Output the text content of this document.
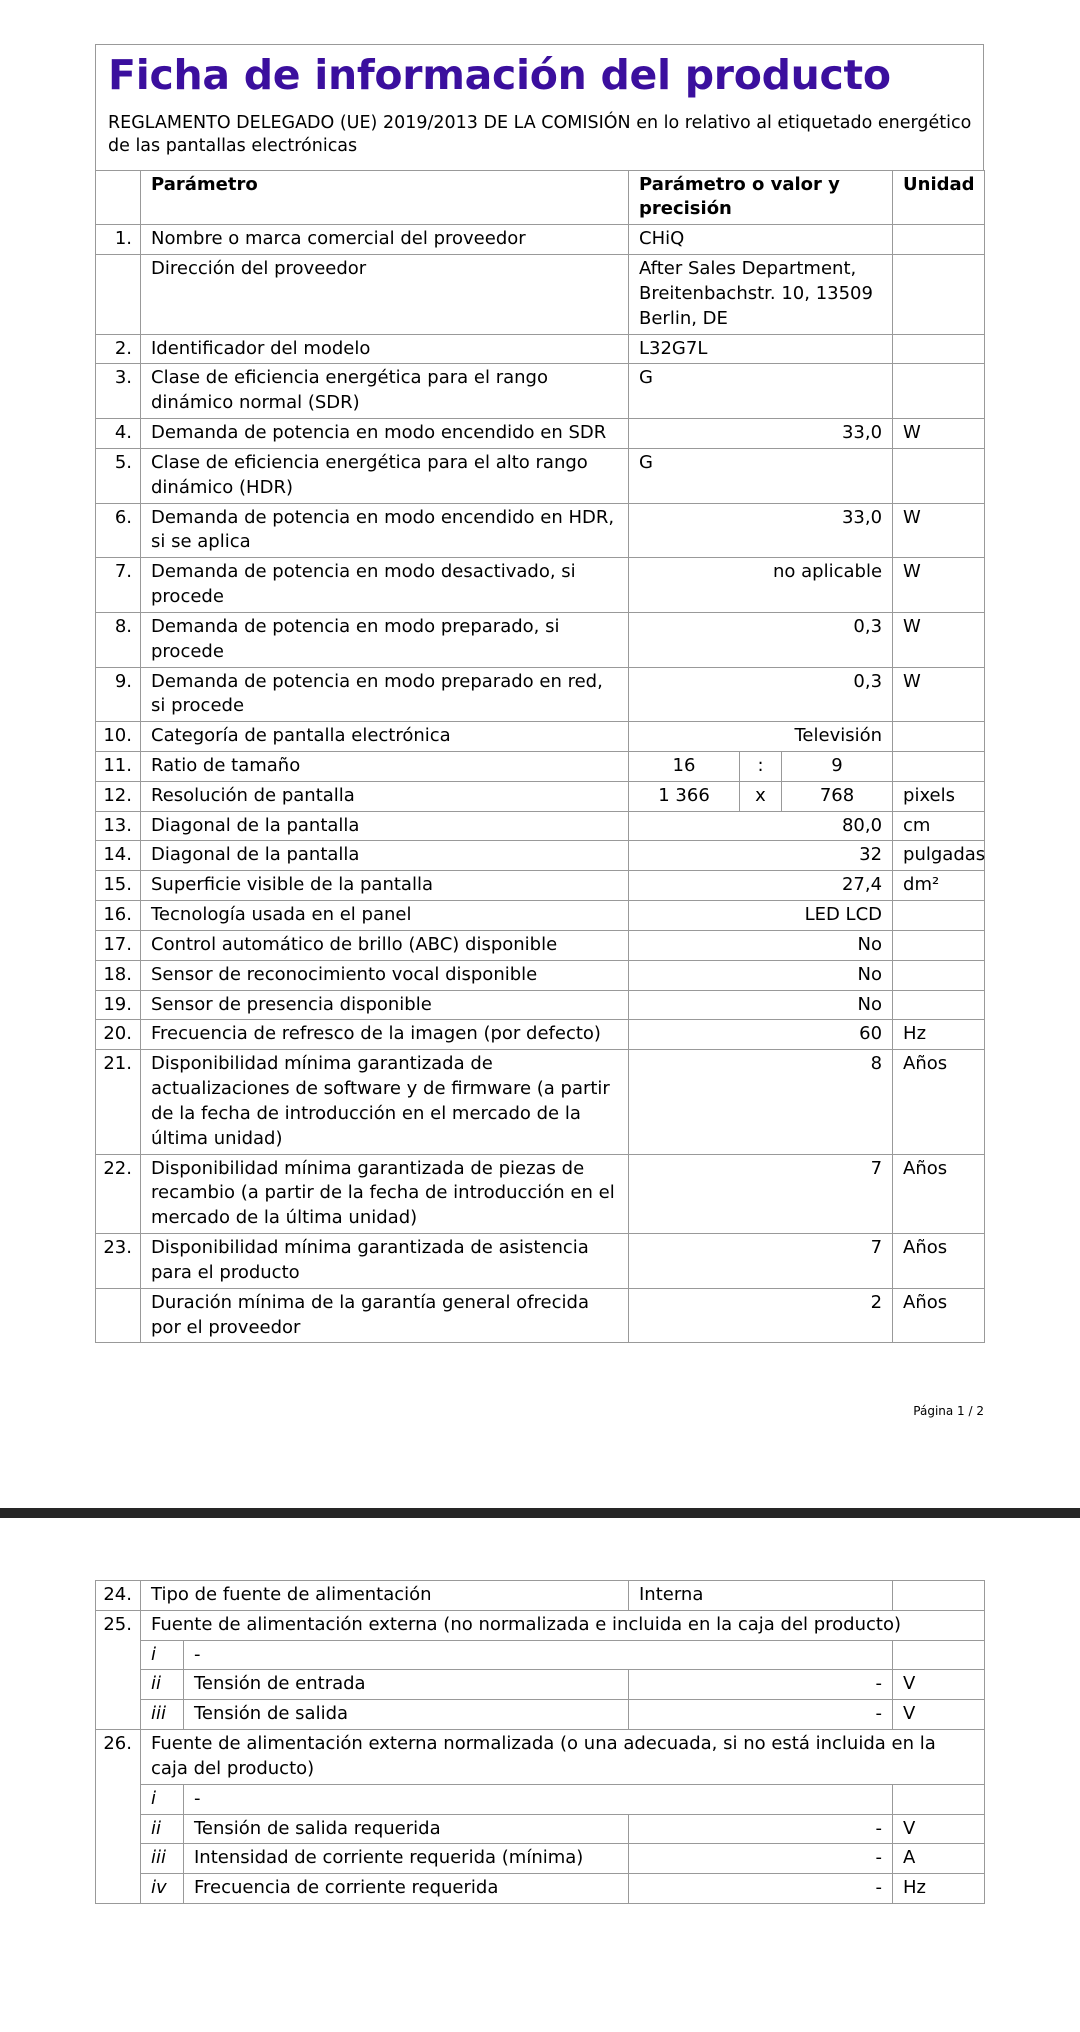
Ficha de información del producto
REGLAMENTO DELEGADO (UE) 2019/2013 DE LA COMISIÓN en lo relativo al etiquetado energético de las pantallas electrónicas
	Parámetro	Parámetro o valor y precisión			Unidad
1.	Nombre o marca comercial del proveedor	CHiQ			
	Dirección del proveedor	After Sales Department, Breitenbachstr. 10, 13509 Berlin, DE			
2.	Identificador del modelo	L32G7L			
3.	Clase de eficiencia energética para el rango dinámico normal (SDR)	G			
4.	Demanda de potencia en modo encendido en SDR	33,0			W
5.	Clase de eficiencia energética para el alto rango dinámico (HDR)	G			
6.	Demanda de potencia en modo encendido en HDR, si se aplica	33,0			W
7.	Demanda de potencia en modo desactivado, si procede	no aplicable			W
8.	Demanda de potencia en modo preparado, si procede	0,3			W
9.	Demanda de potencia en modo preparado en red, si procede	0,3			W
10.	Categoría de pantalla electrónica	Televisión			
11.	Ratio de tamaño	16	:	9	
12.	Resolución de pantalla	1 366	x	768	pixels
13.	Diagonal de la pantalla	80,0			cm
14.	Diagonal de la pantalla	32			pulgadas
15.	Superficie visible de la pantalla	27,4			dm²
16.	Tecnología usada en el panel	LED LCD			
17.	Control automático de brillo (ABC) disponible	No			
18.	Sensor de reconocimiento vocal disponible	No			
19.	Sensor de presencia disponible	No			
20.	Frecuencia de refresco de la imagen (por defecto)	60			Hz
21.	Disponibilidad mínima garantizada de actualizaciones de software y de firmware (a partir de la fecha de introducción en el mercado de la última unidad)	8			Años
22.	Disponibilidad mínima garantizada de piezas de recambio (a partir de la fecha de introducción en el mercado de la última unidad)	7			Años
23.	Disponibilidad mínima garantizada de asistencia para el producto	7			Años
	Duración mínima de la garantía general ofrecida por el proveedor	2			Años
Página 1 / 2
24.	Tipo de fuente de alimentación		Interna	
25.	Fuente de alimentación externa (no normalizada e incluida en la caja del producto)			
	i	-		
	ii	Tensión de entrada	-	V
	iii	Tensión de salida	-	V
26.	Fuente de alimentación externa normalizada (o una adecuada, si no está incluida en la caja del producto)			
	i	-		
	ii	Tensión de salida requerida	-	V
	iii	Intensidad de corriente requerida (mínima)	-	A
	iv	Frecuencia de corriente requerida	-	Hz
